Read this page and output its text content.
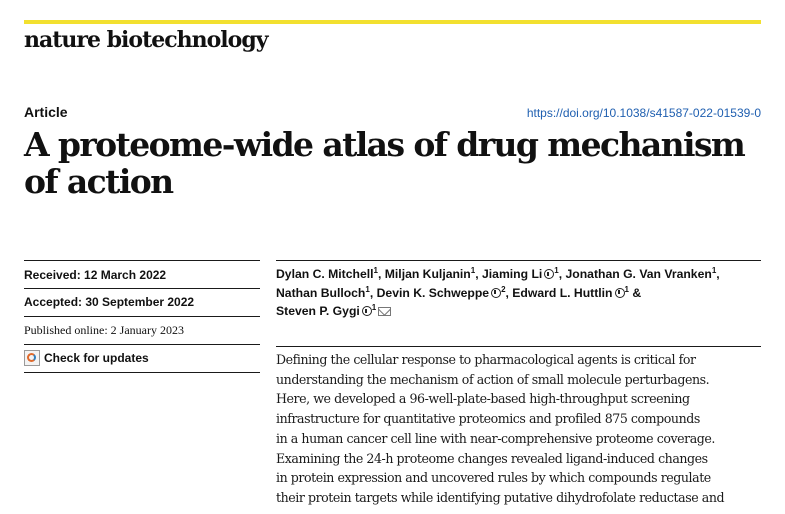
nature biotechnology
Article	https://doi.org/10.1038/s41587-022-01539-0
A proteome-wide atlas of drug mechanism
of action
Received: 12 March 2022
Accepted: 30 September 2022
Published online: 2 January 2023
Check for updates
Dylan C. Mitchell$^1$, Miljan Kuljanin$^1$, Jiaming Li $^1$, Jonathan G. Van Vranken$^1$,
Nathan Bulloch$^1$, Devin K. Schweppe $^2$, Edward L. Huttlin $^1$ &
Steven P. Gygi $^1$
Defining the cellular response to pharmacological agents is critical for
understanding the mechanism of action of small molecule perturbagens.
Here, we developed a 96-well-plate-based high-throughput screening
infrastructure for quantitative proteomics and profiled 875 compounds
in a human cancer cell line with near-comprehensive proteome coverage.
Examining the 24-h proteome changes revealed ligand-induced changes
in protein expression and uncovered rules by which compounds regulate
their protein targets while identifying putative dihydrofolate reductase and
